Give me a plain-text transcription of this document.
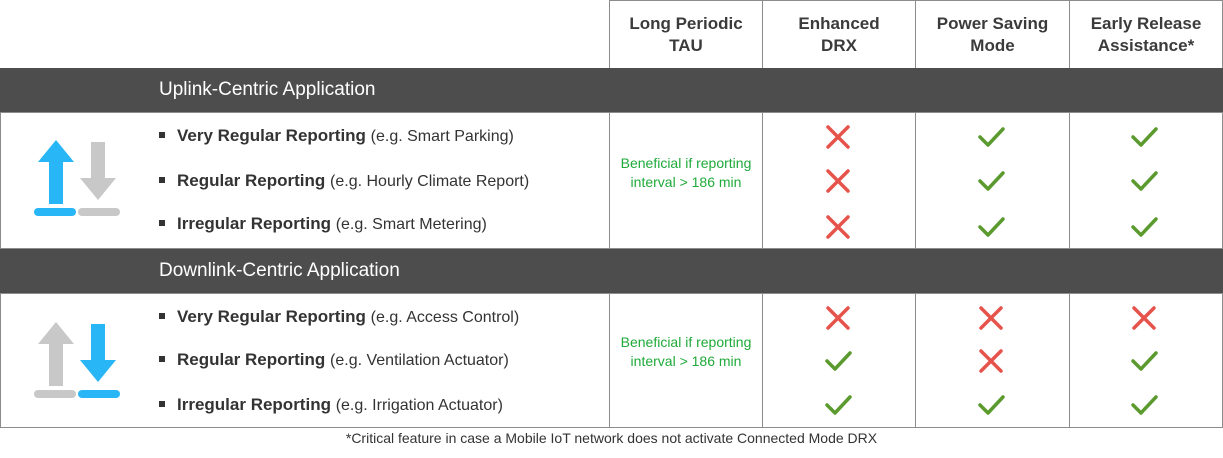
Long Periodic TAU
Enhanced DRX
Power Saving Mode
Early Release Assistance*
Uplink-Centric Application
Downlink-Centric Application
Very Regular Reporting (e.g. Smart Parking)
Regular Reporting (e.g. Hourly Climate Report)
Irregular Reporting (e.g. Smart Metering)
Beneficial if reporting interval > 186 min
Very Regular Reporting (e.g. Access Control)
Regular Reporting (e.g. Ventilation Actuator)
Irregular Reporting (e.g. Irrigation Actuator)
Beneficial if reporting interval > 186 min
*Critical feature in case a Mobile IoT network does not activate Connected Mode DRX
